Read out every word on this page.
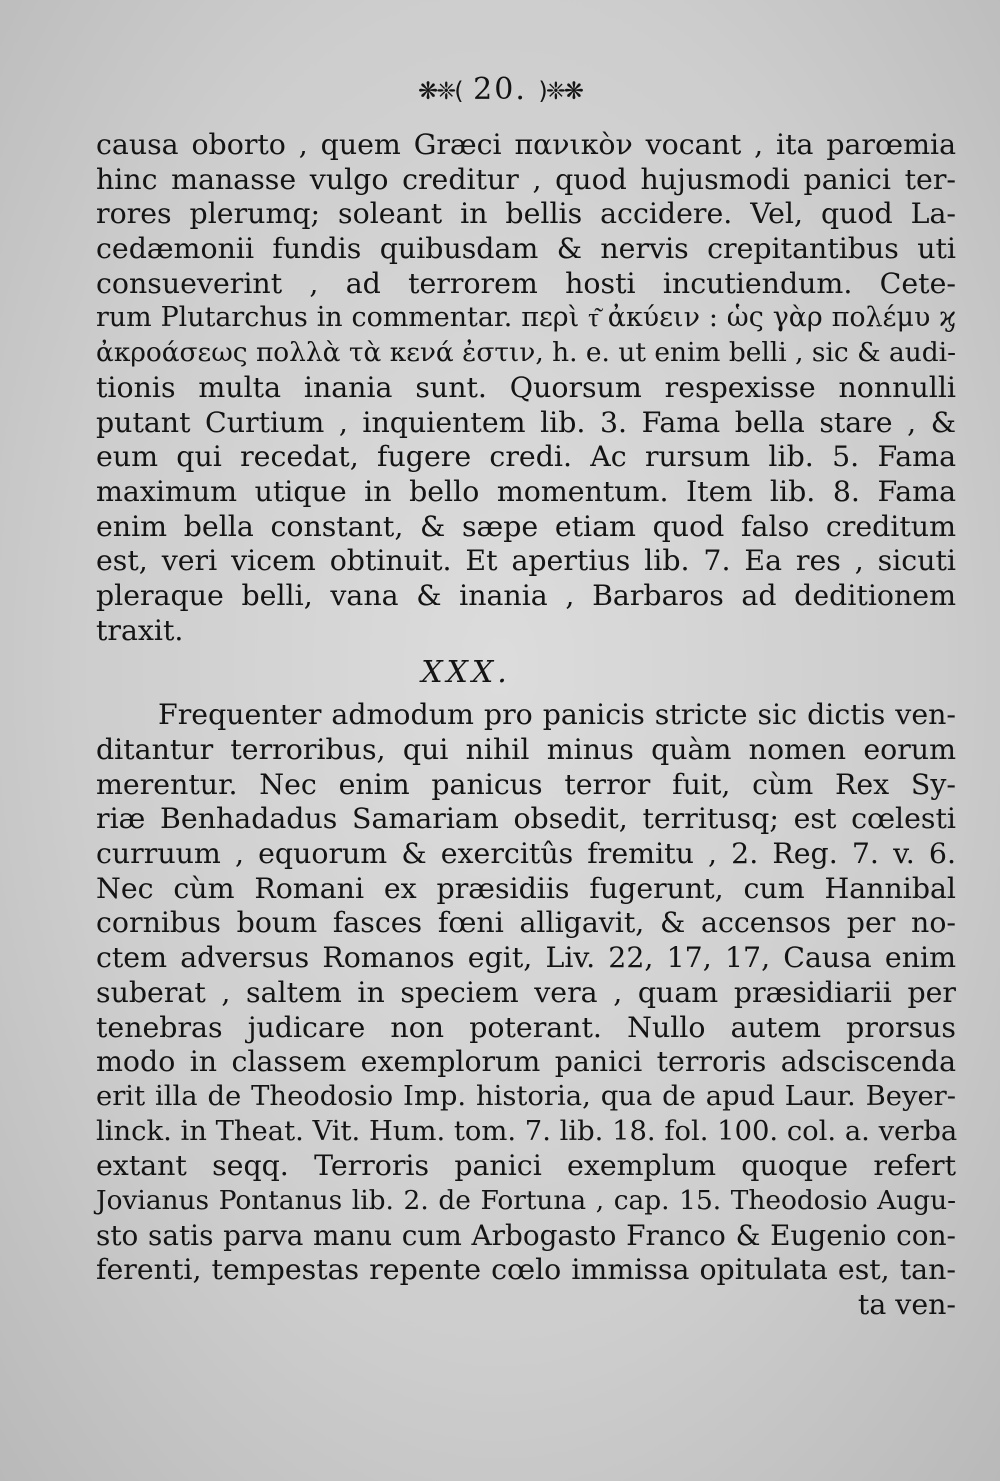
❋❈( 20. )❈❋
causa oborto , quem Græci πανικὸν vocant , ita parœmia
hinc manasse vulgo creditur , quod hujusmodi panici ter-
rores plerumq; soleant in bellis accidere. Vel, quod La-
cedæmonii fundis quibusdam & nervis crepitantibus uti
consueverint , ad terrorem hosti incutiendum. Cete-
rum Plutarchus in commentar. περὶ τ͂ ἀκύειν : ὡς γὰρ πολέμυ ϗ
ἀκροάσεως πολλὰ τὰ κενά ἐστιν, h. e. ut enim belli , sic & audi-
tionis multa inania sunt. Quorsum respexisse nonnulli
putant Curtium , inquientem lib. 3. Fama bella stare , &
eum qui recedat, fugere credi. Ac rursum lib. 5. Fama
maximum utique in bello momentum. Item lib. 8. Fama
enim bella constant, & sæpe etiam quod falso creditum
est, veri vicem obtinuit. Et apertius lib. 7. Ea res , sicuti
pleraque belli, vana & inania , Barbaros ad deditionem
traxit.
XXX.
Frequenter admodum pro panicis stricte sic dictis ven-
ditantur terroribus, qui nihil minus quàm nomen eorum
merentur. Nec enim panicus terror fuit, cùm Rex Sy-
riæ Benhadadus Samariam obsedit, territusq; est cœlesti
curruum , equorum & exercitûs fremitu , 2. Reg. 7. v. 6.
Nec cùm Romani ex præsidiis fugerunt, cum Hannibal
cornibus boum fasces fœni alligavit, & accensos per no-
ctem adversus Romanos egit, Liv. 22, 17, 17, Causa enim
suberat , saltem in speciem vera , quam præsidiarii per
tenebras judicare non poterant. Nullo autem prorsus
modo in classem exemplorum panici terroris adsciscenda
erit illa de Theodosio Imp. historia, qua de apud Laur. Beyer-
linck. in Theat. Vit. Hum. tom. 7. lib. 18. fol. 100. col. a. verba
extant seqq. Terroris panici exemplum quoque refert
Jovianus Pontanus lib. 2. de Fortuna , cap. 15. Theodosio Augu-
sto satis parva manu cum Arbogasto Franco & Eugenio con-
ferenti, tempestas repente cœlo immissa opitulata est, tan-
ta ven-
